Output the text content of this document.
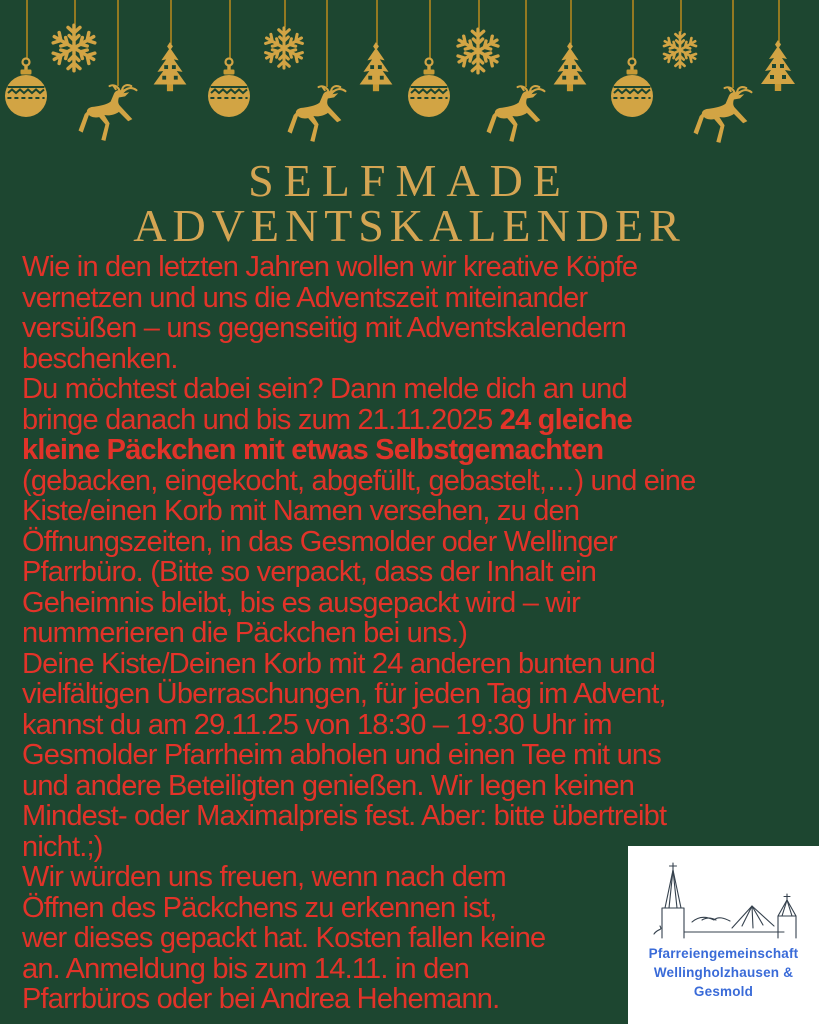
SELFMADE
ADVENTSKALENDER
Wie in den letzten Jahren wollen wir kreative Köpfe
vernetzen und uns die Adventszeit miteinander
versüßen – uns gegenseitig mit Adventskalendern
beschenken.
Du möchtest dabei sein? Dann melde dich an und
bringe danach und bis zum 21.11.2025 24 gleiche
kleine Päckchen mit etwas Selbstgemachten
(gebacken, eingekocht, abgefüllt, gebastelt,…) und eine
Kiste/einen Korb mit Namen versehen, zu den
Öffnungszeiten, in das Gesmolder oder Wellinger
Pfarrbüro. (Bitte so verpackt, dass der Inhalt ein
Geheimnis bleibt, bis es ausgepackt wird – wir
nummerieren die Päckchen bei uns.)
Deine Kiste/Deinen Korb mit 24 anderen bunten und
vielfältigen Überraschungen, für jeden Tag im Advent,
kannst du am 29.11.25 von 18:30 – 19:30 Uhr im
Gesmolder Pfarrheim abholen und einen Tee mit uns
und andere Beteiligten genießen. Wir legen keinen
Mindest- oder Maximalpreis fest. Aber: bitte übertreibt
nicht.;)
Wir würden uns freuen, wenn nach dem
Öffnen des Päckchens zu erkennen ist,
wer dieses gepackt hat. Kosten fallen keine
an. Anmeldung bis zum 14.11. in den
Pfarrbüros oder bei Andrea Hehemann.
Pfarreiengemeinschaft
Wellingholzhausen & Gesmold
